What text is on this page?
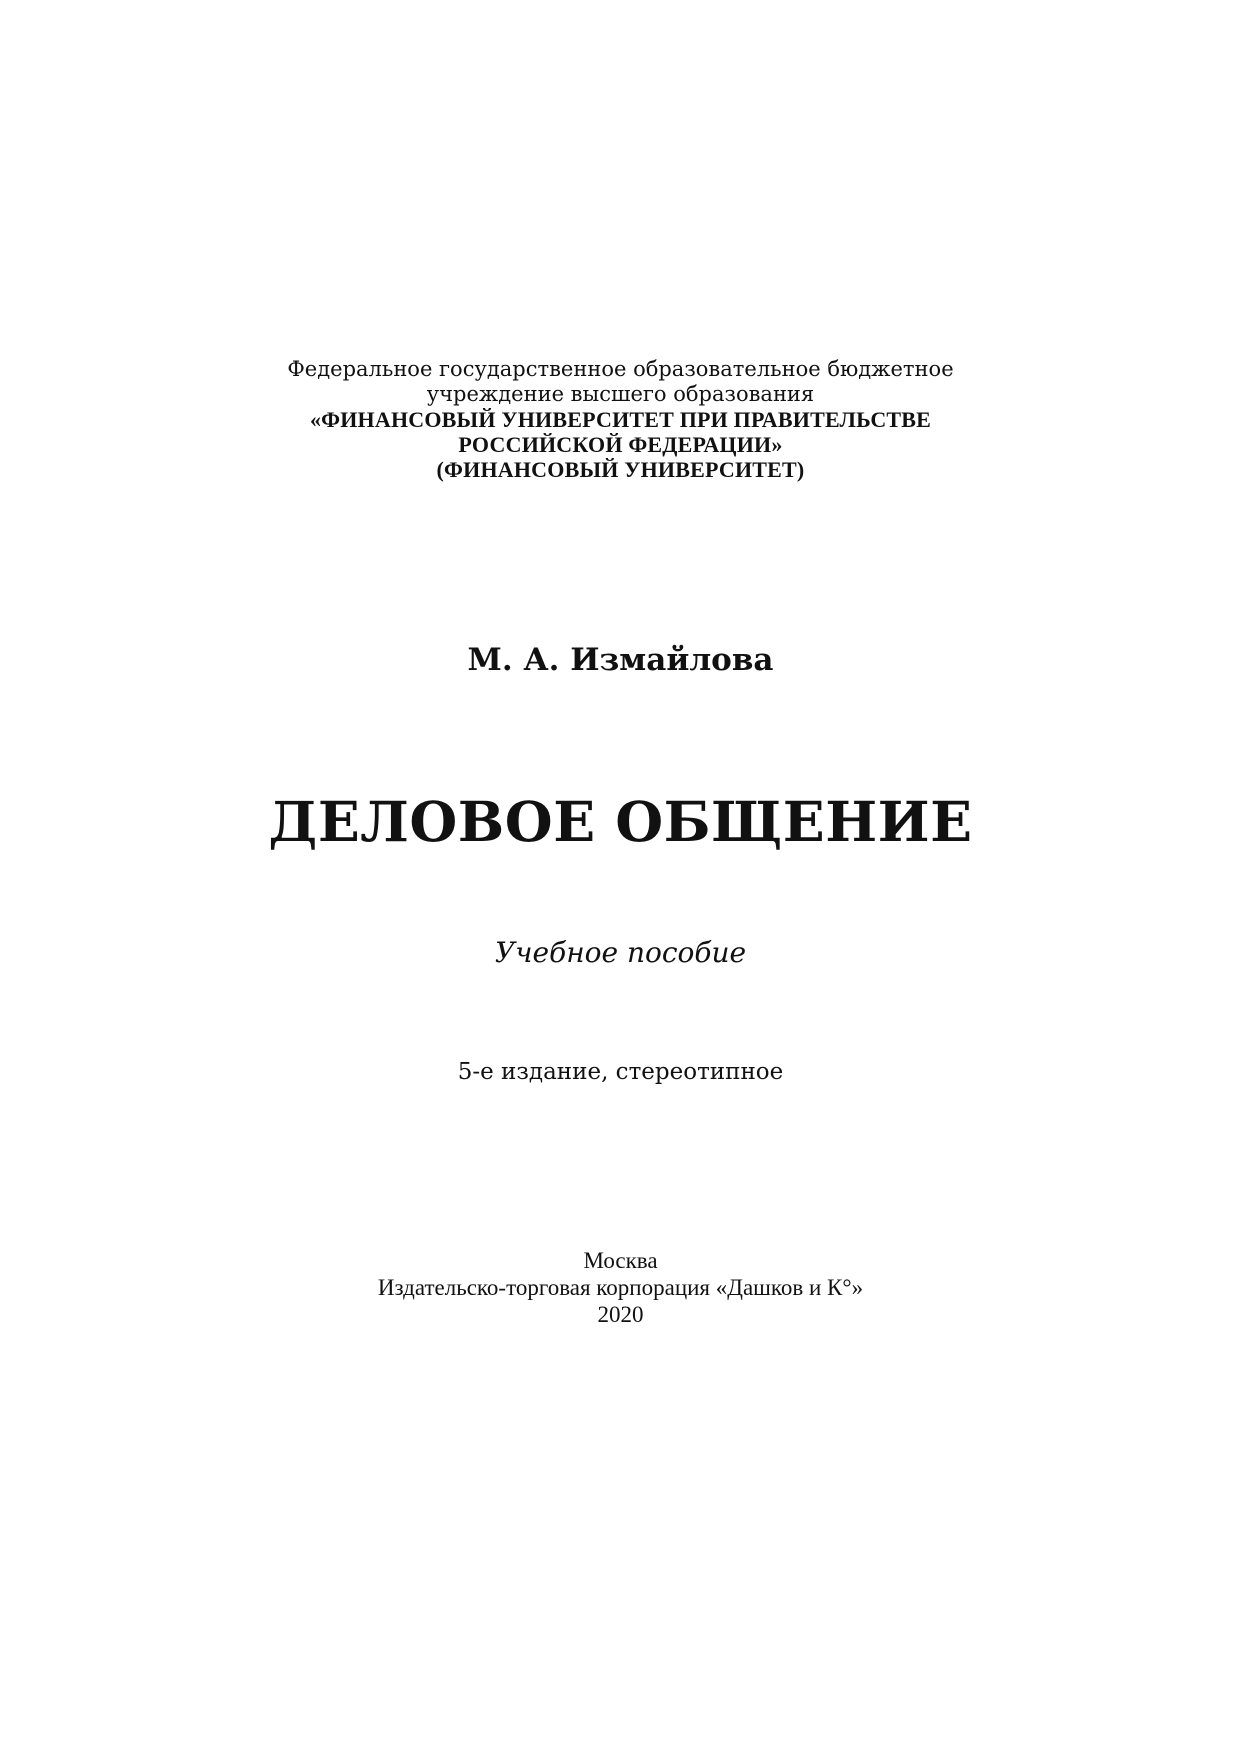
Федеральное государственное образовательное бюджетное
учреждение высшего образования
«ФИНАНСОВЫЙ УНИВЕРСИТЕТ ПРИ ПРАВИТЕЛЬСТВЕ
РОССИЙСКОЙ ФЕДЕРАЦИИ»
(ФИНАНСОВЫЙ УНИВЕРСИТЕТ)
М. А. Измайлова
ДЕЛОВОЕ ОБЩЕНИЕ
Учебное пособие
5-е издание, стереотипное
Москва
Издательско-торговая корпорация «Дашков и К°»
2020
